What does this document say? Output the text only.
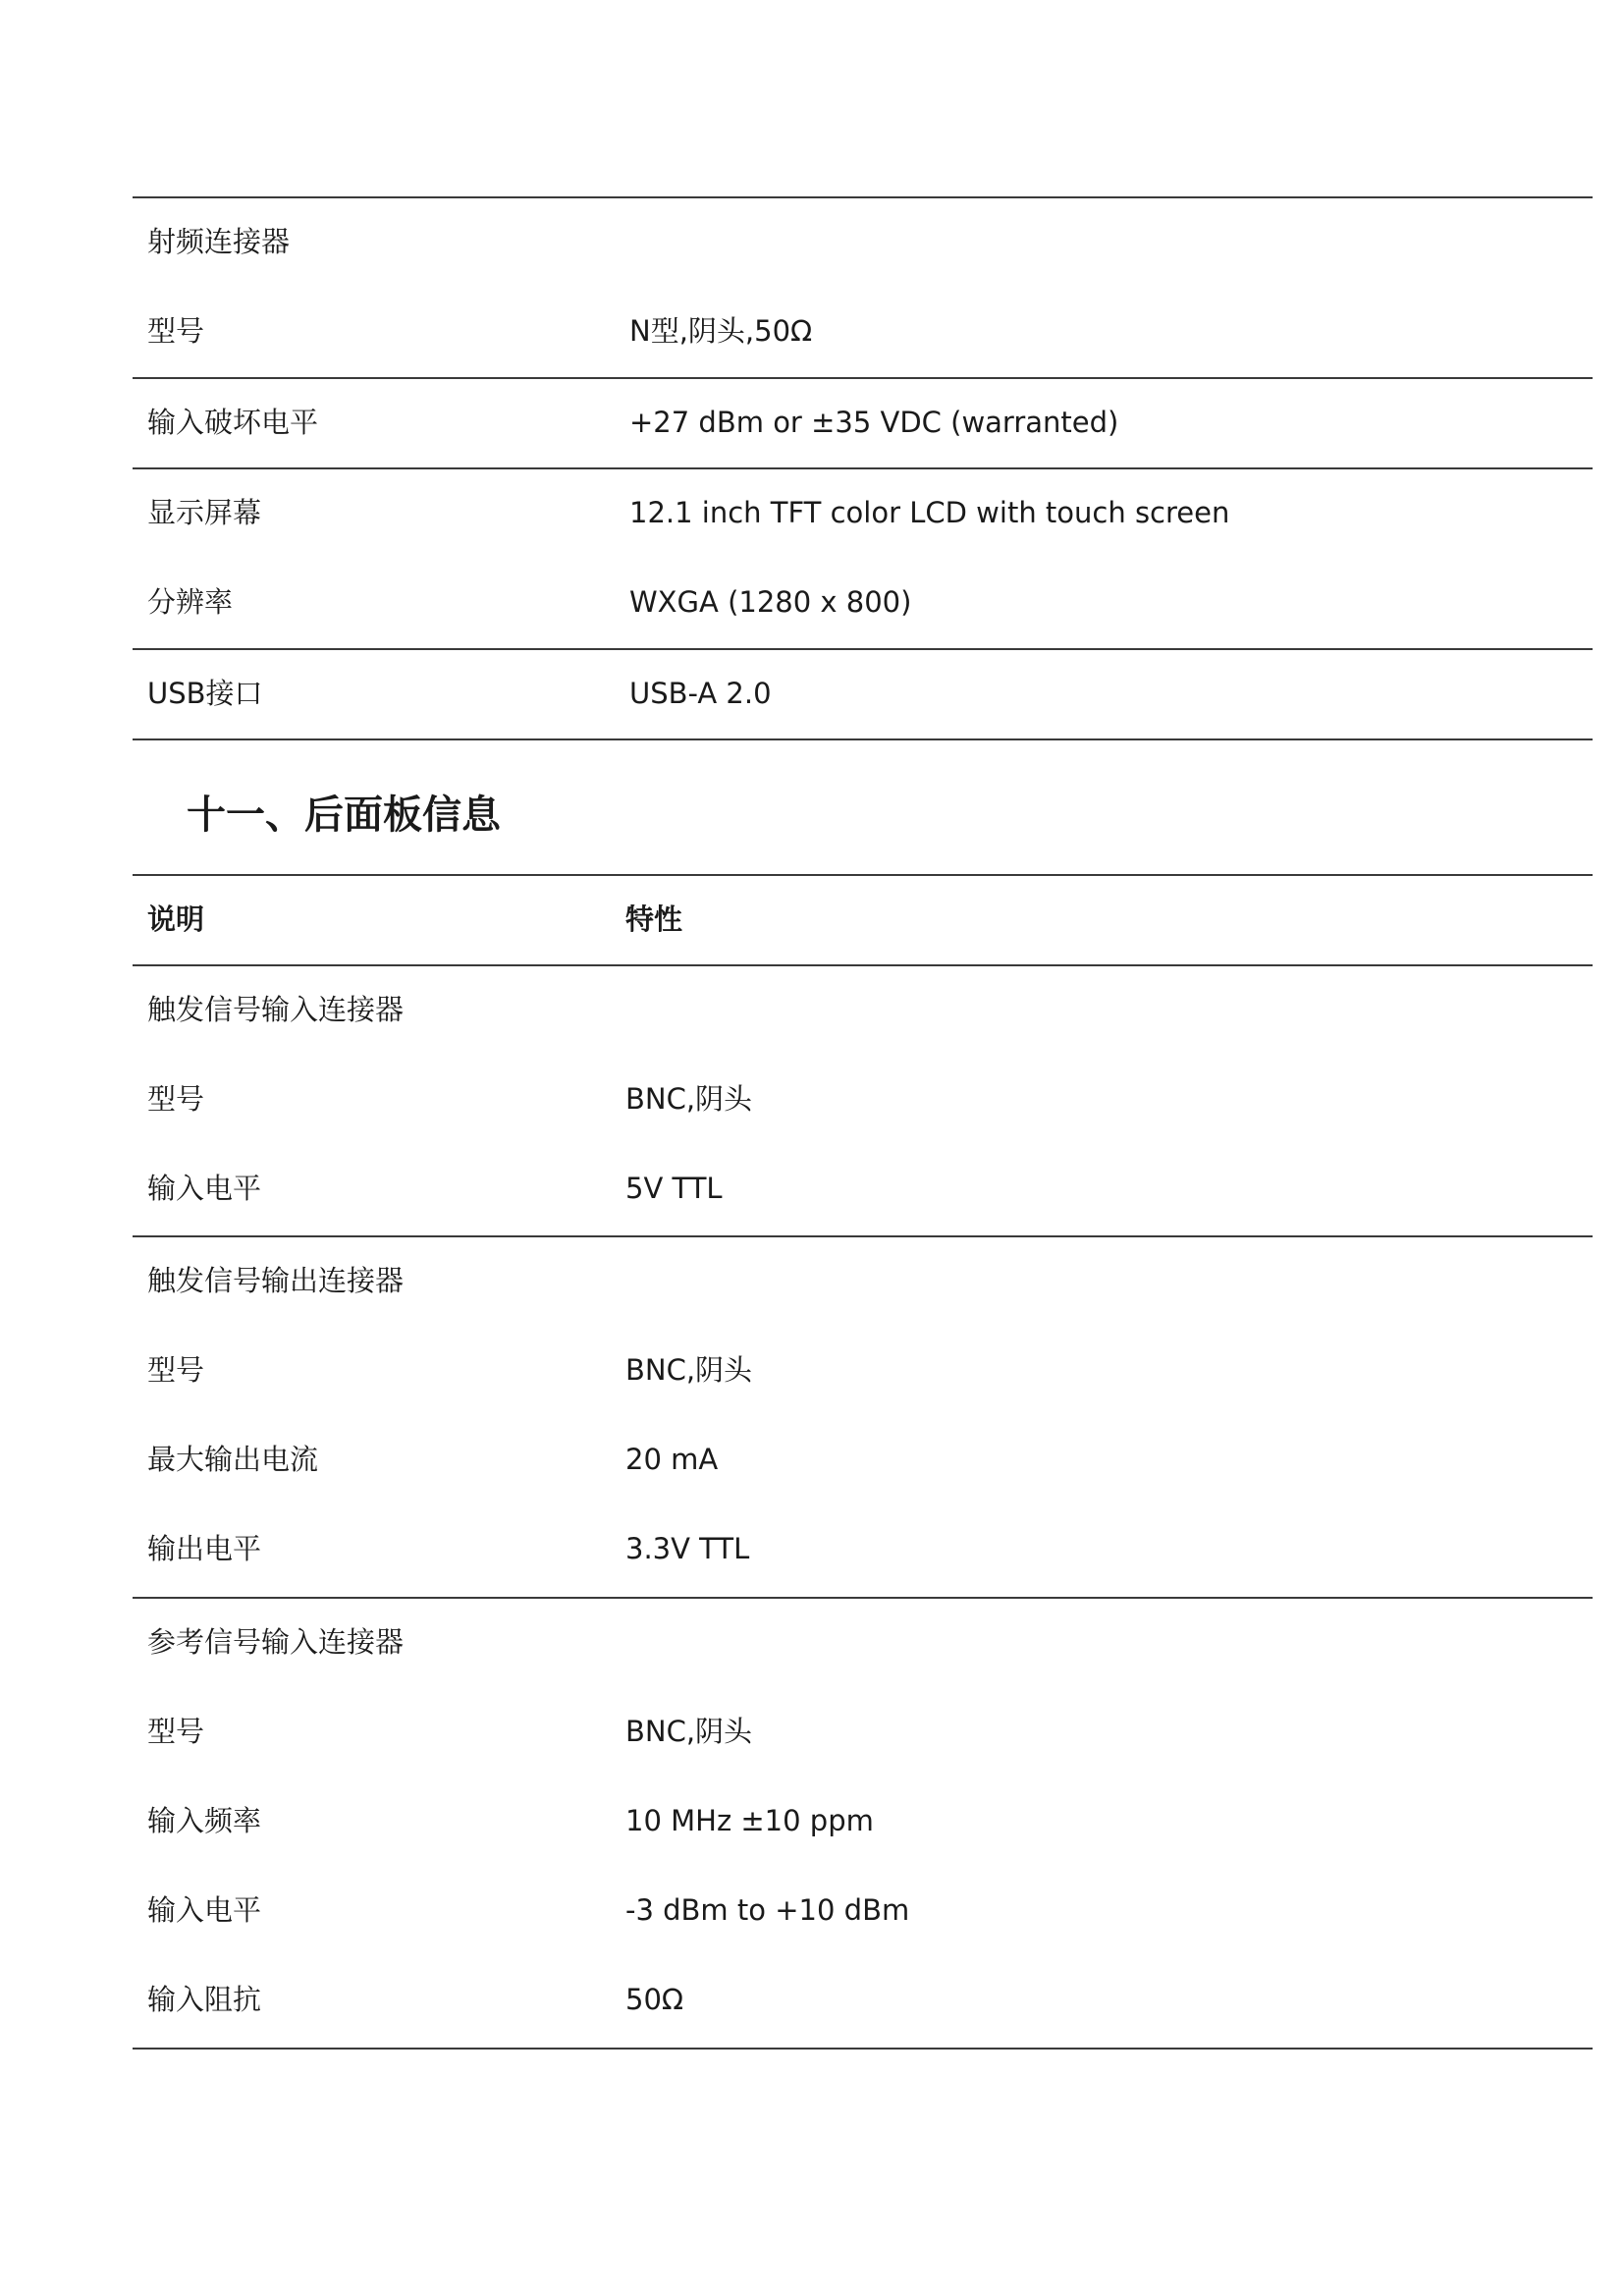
射频连接器
型号	N型,阴头,50Ω
输入破坏电平	+27 dBm or ±35 VDC (warranted)
显示屏幕	12.1 inch TFT color LCD with touch screen
分辨率	WXGA (1280 x 800)
USB接口	USB-A 2.0
十一、后面板信息
说明	特性
触发信号输入连接器
型号	BNC,阴头
输入电平	5V TTL
触发信号输出连接器
型号	BNC,阴头
最大输出电流	20 mA
输出电平	3.3V TTL
参考信号输入连接器
型号	BNC,阴头
输入频率	10 MHz ±10 ppm
输入电平	-3 dBm to +10 dBm
输入阻抗	50Ω
